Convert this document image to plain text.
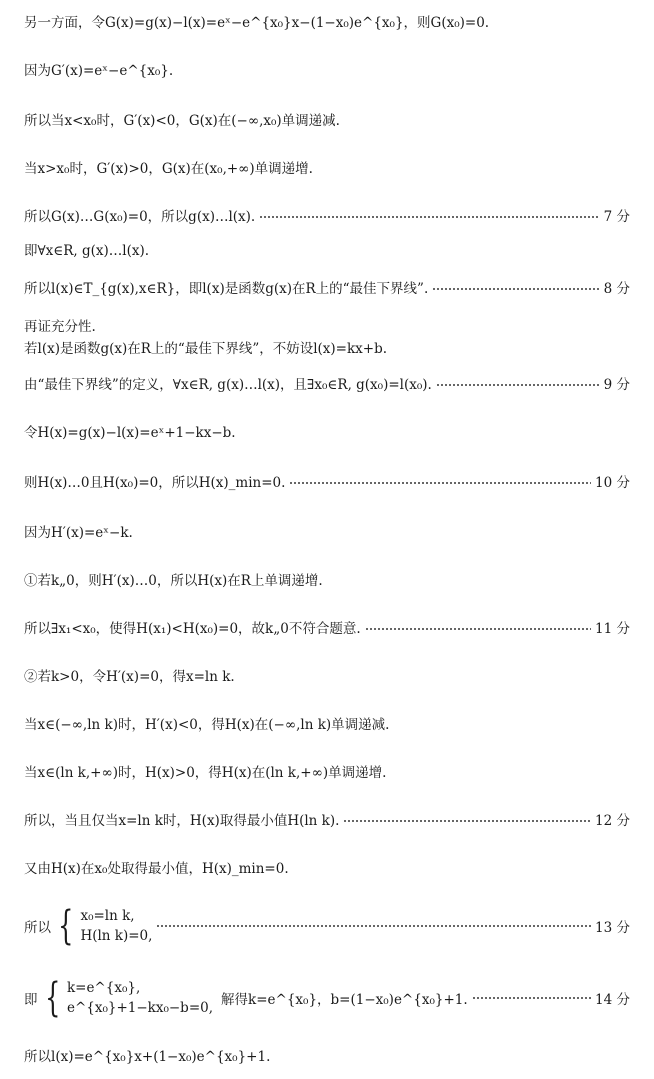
另一方面，令G(x)=g(x)−l(x)=eˣ−e^{x₀}x−(1−x₀)e^{x₀}，则G(x₀)=0.
因为G′(x)=eˣ−e^{x₀}.
所以当x<x₀时，G′(x)<0，G(x)在(−∞,x₀)单调递减.
当x>x₀时，G′(x)>0，G(x)在(x₀,+∞)单调递增.
所以G(x)…G(x₀)=0，所以g(x)…l(x).	7 分
即∀x∈R, g(x)…l(x).
所以l(x)∈T_{g(x),x∈R}，即l(x)是函数g(x)在R上的“最佳下界线”.	8 分
再证充分性.
若l(x)是函数g(x)在R上的“最佳下界线”，不妨设l(x)=kx+b.
由“最佳下界线”的定义，∀x∈R, g(x)…l(x)，且∃x₀∈R, g(x₀)=l(x₀).	9 分
令H(x)=g(x)−l(x)=eˣ+1−kx−b.
则H(x)…0且H(x₀)=0，所以H(x)_min=0.	10 分
因为H′(x)=eˣ−k.
①若k„0，则H′(x)…0，所以H(x)在R上单调递增.
所以∃x₁<x₀，使得H(x₁)<H(x₀)=0，故k„0不符合题意.	11 分
②若k>0，令H′(x)=0，得x=ln k.
当x∈(−∞,ln k)时，H′(x)<0，得H(x)在(−∞,ln k)单调递减.
当x∈(ln k,+∞)时，H(x)>0，得H(x)在(ln k,+∞)单调递增.
所以，当且仅当x=ln k时，H(x)取得最小值H(ln k).	12 分
又由H(x)在x₀处取得最小值，H(x)_min=0.
所以 { x₀=ln k,
H(ln k)=0,	13 分
即 { k=e^{x₀},
e^{x₀}+1−kx₀−b=0, 解得k=e^{x₀}，b=(1−x₀)e^{x₀}+1.	14 分
所以l(x)=e^{x₀}x+(1−x₀)e^{x₀}+1.
